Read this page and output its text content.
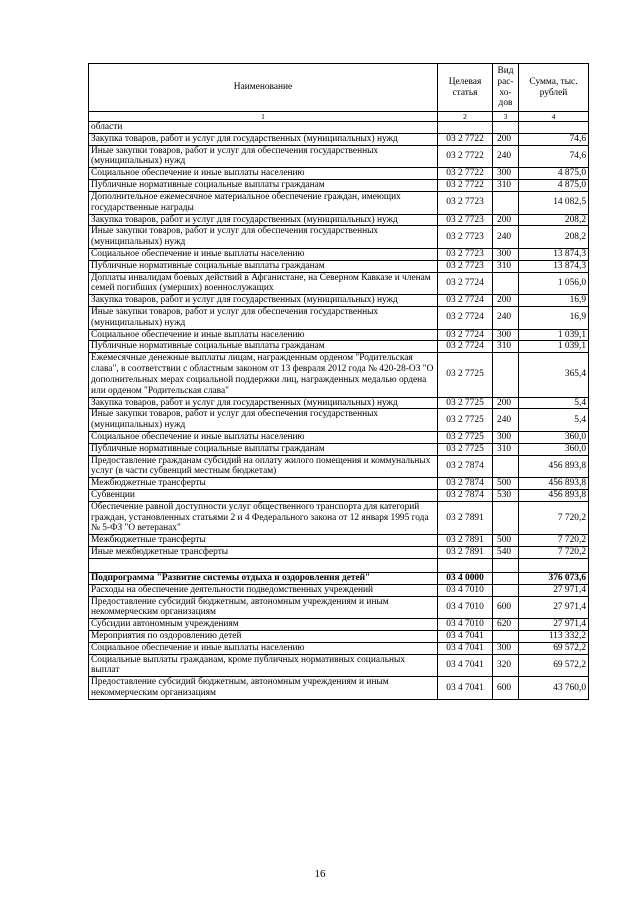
Наименование	Целевая статья	Вид рас- хо- дов	Сумма, тыс. рублей
1	2	3	4
области			
Закупка товаров, работ и услуг для государственных (муниципальных) нужд	03 2 7722	200	74,6
Иные закупки товаров, работ и услуг для обеспечения государственных (муниципальных) нужд	03 2 7722	240	74,6
Социальное обеспечение и иные выплаты населению	03 2 7722	300	4 875,0
Публичные нормативные социальные выплаты гражданам	03 2 7722	310	4 875,0
Дополнительное ежемесячное материальное обеспечение граждан, имеющих государственные награды	03 2 7723		14 082,5
Закупка товаров, работ и услуг для государственных (муниципальных) нужд	03 2 7723	200	208,2
Иные закупки товаров, работ и услуг для обеспечения государственных (муниципальных) нужд	03 2 7723	240	208,2
Социальное обеспечение и иные выплаты населению	03 2 7723	300	13 874,3
Публичные нормативные социальные выплаты гражданам	03 2 7723	310	13 874,3
Доплаты инвалидам боевых действий в Афганистане, на Северном Кавказе и членам семей погибших (умерших) военнослужащих	03 2 7724		1 056,0
Закупка товаров, работ и услуг для государственных (муниципальных) нужд	03 2 7724	200	16,9
Иные закупки товаров, работ и услуг для обеспечения государственных (муниципальных) нужд	03 2 7724	240	16,9
Социальное обеспечение и иные выплаты населению	03 2 7724	300	1 039,1
Публичные нормативные социальные выплаты гражданам	03 2 7724	310	1 039,1
Ежемесячные денежные выплаты лицам, награжденным орденом "Родительская слава", в соответствии с областным законом от 13 февраля 2012 года № 420-28-ОЗ "О дополнительных мерах социальной поддержки лиц, награжденных медалью ордена или орденом "Родительская слава"	03 2 7725		365,4
Закупка товаров, работ и услуг для государственных (муниципальных) нужд	03 2 7725	200	5,4
Иные закупки товаров, работ и услуг для обеспечения государственных (муниципальных) нужд	03 2 7725	240	5,4
Социальное обеспечение и иные выплаты населению	03 2 7725	300	360,0
Публичные нормативные социальные выплаты гражданам	03 2 7725	310	360,0
Предоставление гражданам субсидий на оплату жилого помещения и коммунальных услуг (в части субвенций местным бюджетам)	03 2 7874		456 893,8
Межбюджетные трансферты	03 2 7874	500	456 893,8
Субвенции	03 2 7874	530	456 893,8
Обеспечение равной доступности услуг общественного транспорта для категорий граждан, установленных статьями 2 и 4 Федерального закона от 12 января 1995 года № 5-ФЗ "О ветеранах"	03 2 7891		7 720,2
Межбюджетные трансферты	03 2 7891	500	7 720,2
Иные межбюджетные трансферты	03 2 7891	540	7 720,2

Подпрограмма "Развитие системы отдыха и оздоровления детей"	03 4 0000		376 073,6
Расходы на обеспечение деятельности подведомственных учреждений	03 4 7010		27 971,4
Предоставление субсидий бюджетным, автономным учреждениям и иным некоммерческим организациям	03 4 7010	600	27 971,4
Субсидии автономным учреждениям	03 4 7010	620	27 971,4
Мероприятия по оздоровлению детей	03 4 7041		113 332,2
Социальное обеспечение и иные выплаты населению	03 4 7041	300	69 572,2
Социальные выплаты гражданам, кроме публичных нормативных социальных выплат	03 4 7041	320	69 572,2
Предоставление субсидий бюджетным, автономным учреждениям и иным некоммерческим организациям	03 4 7041	600	43 760,0
16
